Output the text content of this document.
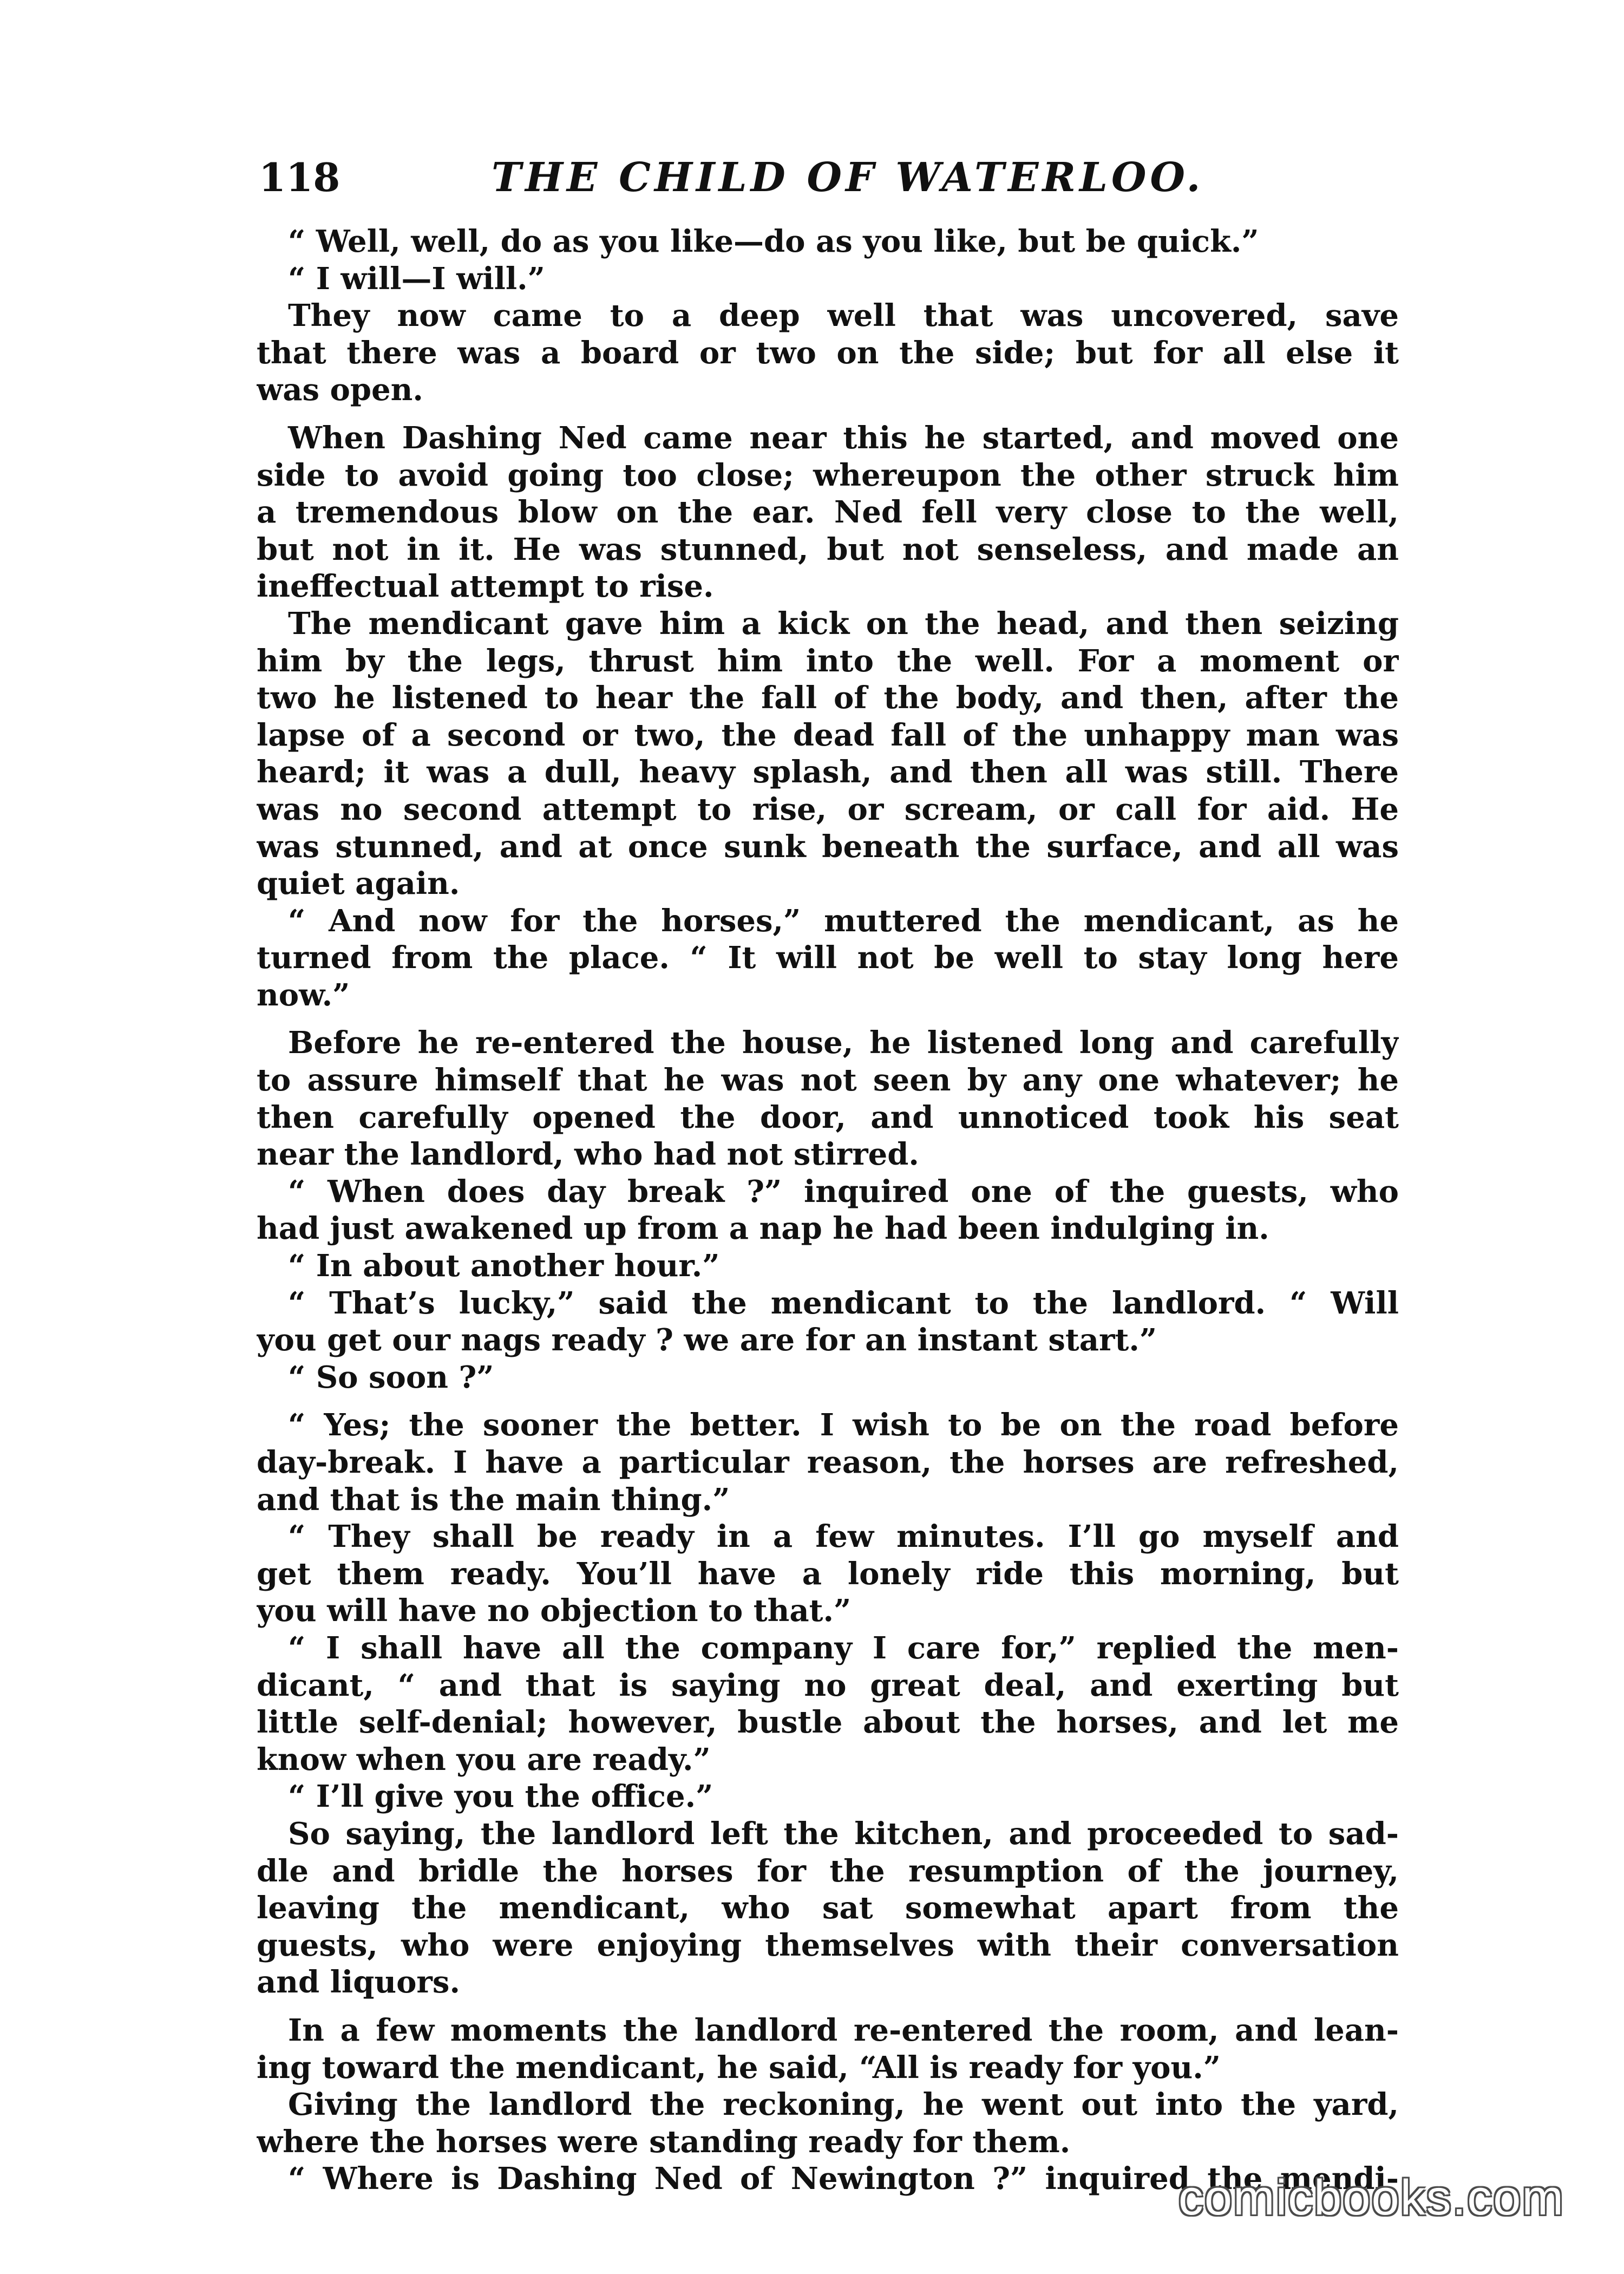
118	THE CHILD OF WATERLOO.
“ Well, well, do as you like—do as you like, but be quick.”
“ I will—I will.”
They now came to a deep well that was uncovered, save
that there was a board or two on the side; but for all else it
was open.
When Dashing Ned came near this he started, and moved one
side to avoid going too close; whereupon the other struck him
a tremendous blow on the ear. Ned fell very close to the well,
but not in it. He was stunned, but not senseless, and made an
ineffectual attempt to rise.
The mendicant gave him a kick on the head, and then seizing
him by the legs, thrust him into the well. For a moment or
two he listened to hear the fall of the body, and then, after the
lapse of a second or two, the dead fall of the unhappy man was
heard; it was a dull, heavy splash, and then all was still. There
was no second attempt to rise, or scream, or call for aid. He
was stunned, and at once sunk beneath the surface, and all was
quiet again.
“ And now for the horses,” muttered the mendicant, as he
turned from the place. “ It will not be well to stay long here
now.”
Before he re-entered the house, he listened long and carefully
to assure himself that he was not seen by any one whatever; he
then carefully opened the door, and unnoticed took his seat
near the landlord, who had not stirred.
“ When does day break ?” inquired one of the guests, who
had just awakened up from a nap he had been indulging in.
“ In about another hour.”
“ That’s lucky,” said the mendicant to the landlord. “ Will
you get our nags ready ? we are for an instant start.”
“ So soon ?”
“ Yes; the sooner the better. I wish to be on the road before
day-break. I have a particular reason, the horses are refreshed,
and that is the main thing.”
“ They shall be ready in a few minutes. I’ll go myself and
get them ready. You’ll have a lonely ride this morning, but
you will have no objection to that.”
“ I shall have all the company I care for,” replied the men-
dicant, “ and that is saying no great deal, and exerting but
little self-denial; however, bustle about the horses, and let me
know when you are ready.”
“ I’ll give you the office.”
So saying, the landlord left the kitchen, and proceeded to sad-
dle and bridle the horses for the resumption of the journey,
leaving the mendicant, who sat somewhat apart from the
guests, who were enjoying themselves with their conversation
and liquors.
In a few moments the landlord re-entered the room, and lean-
ing toward the mendicant, he said, “All is ready for you.”
Giving the landlord the reckoning, he went out into the yard,
where the horses were standing ready for them.
“ Where is Dashing Ned of Newington ?” inquired the mendi-
comicbooks.com
